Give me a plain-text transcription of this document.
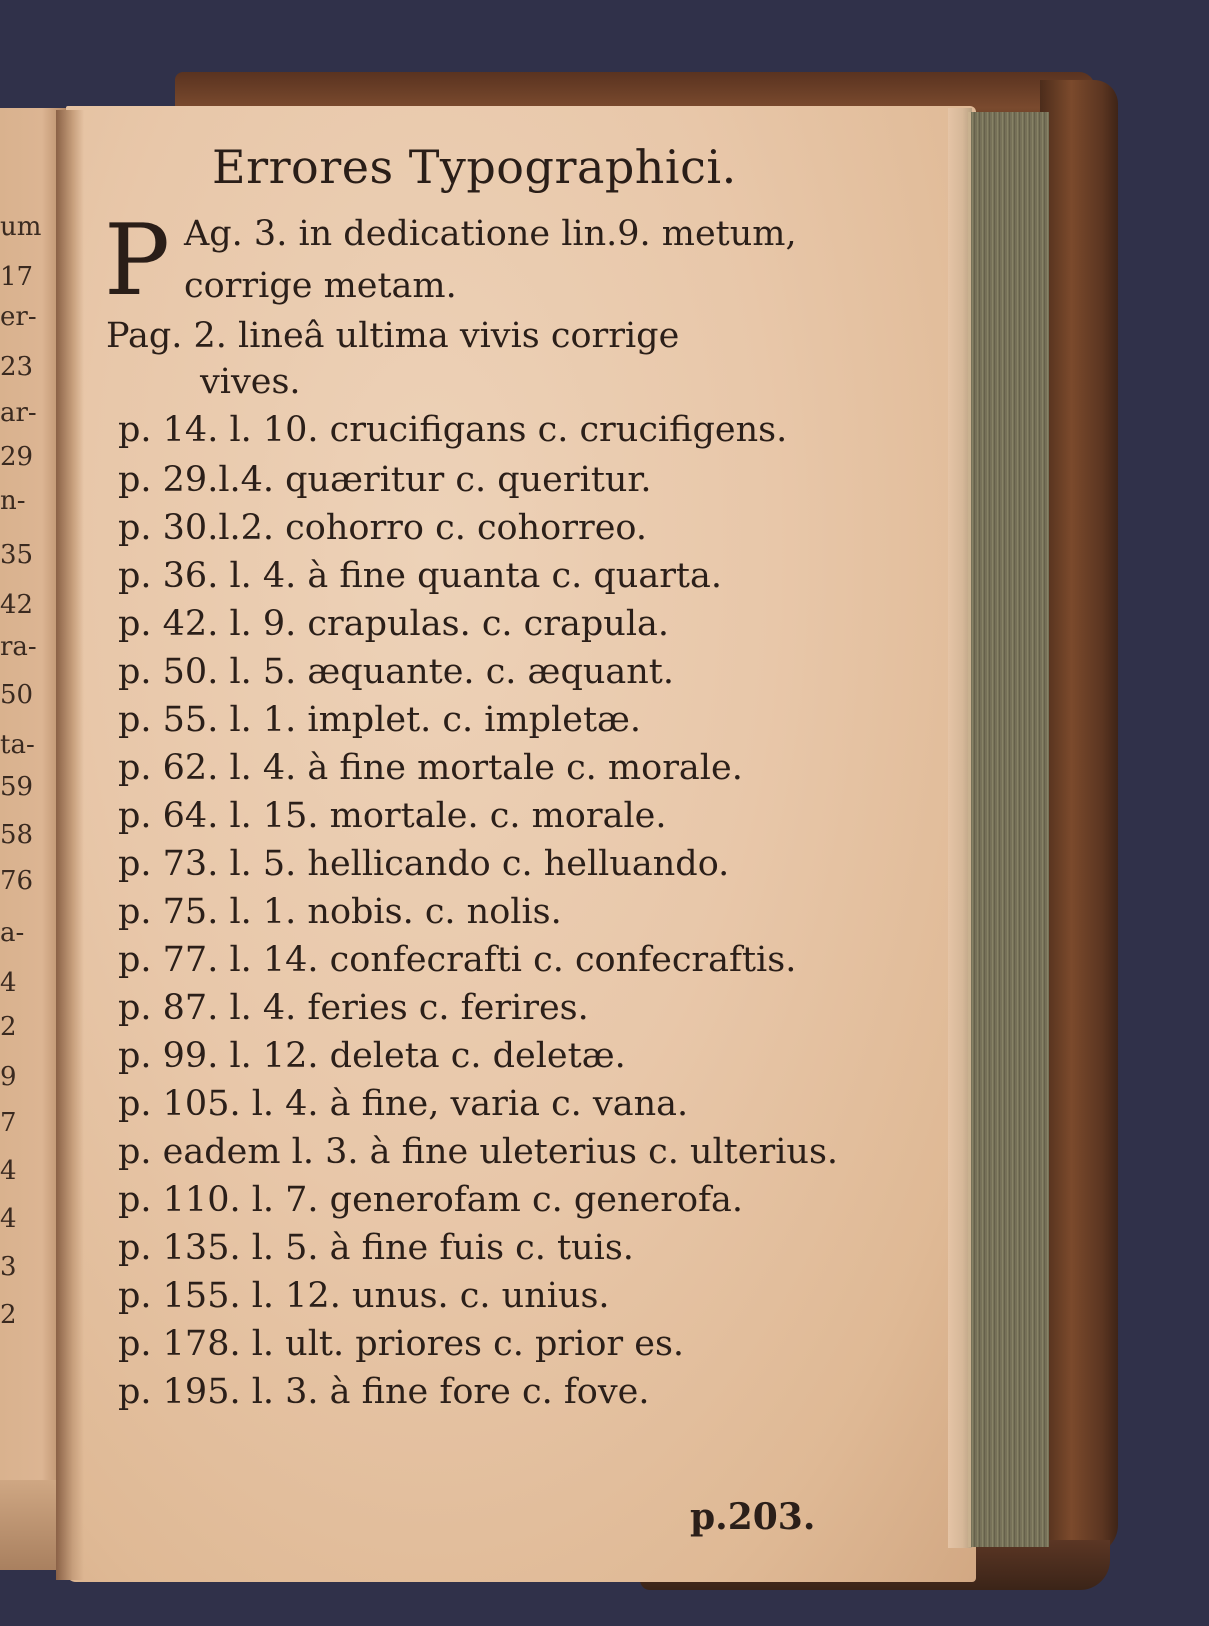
um
17
er-
23
ar-
29
n-
35
42
ra-
50
ta-
59
58
76
a-
4
2
9
7
4
4
3
2
Errores Typographici.
P Ag. 3. in dedicatione lin.9. metum,
corrige metam.
Pag. 2. lineâ ultima vivis corrige
vives.
p. 14. l. 10. crucifigans c. crucifigens.
p. 29.l.4. quæritur c. queritur.
p. 30.l.2. cohorro c. cohorreo.
p. 36. l. 4. à fine quanta c. quarta.
p. 42. l. 9. crapulas. c. crapula.
p. 50. l. 5. æquante. c. æquant.
p. 55. l. 1. implet. c. impletæ.
p. 62. l. 4. à fine mortale c. morale.
p. 64. l. 15. mortale. c. morale.
p. 73. l. 5. hellicando c. helluando.
p. 75. l. 1. nobis. c. nolis.
p. 77. l. 14. confecrafti c. confecraftis.
p. 87. l. 4. feries c. ferires.
p. 99. l. 12. deleta c. deletæ.
p. 105. l. 4. à fine, varia c. vana.
p. eadem l. 3. à fine uleterius c. ulterius.
p. 110. l. 7. generofam c. generofa.
p. 135. l. 5. à fine fuis c. tuis.
p. 155. l. 12. unus. c. unius.
p. 178. l. ult. priores c. prior es.
p. 195. l. 3. à fine fore c. fove.
p.203.
